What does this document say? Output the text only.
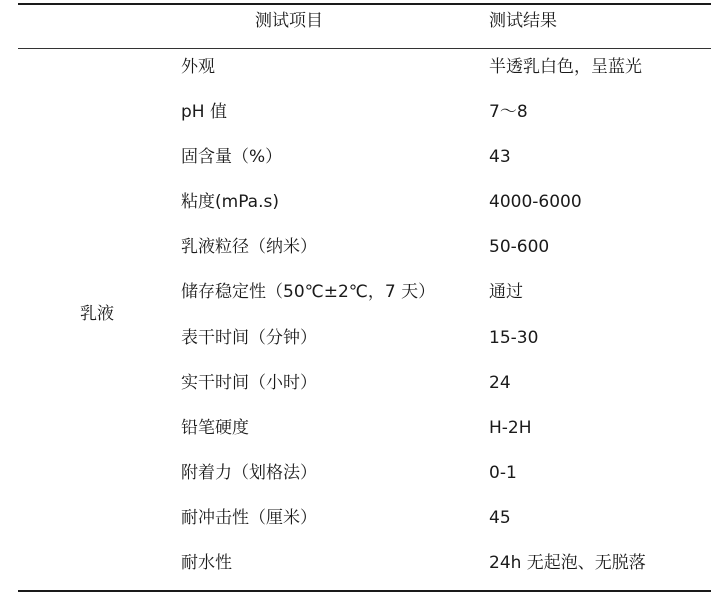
测试项目	测试结果
乳液
外观	半透乳白色，呈蓝光
pH 值	7～8
固含量（%）	43
粘度(mPa.s)	4000-6000
乳液粒径（纳米）	50-600
储存稳定性（50℃±2℃，7 天）	通过
表干时间（分钟）	15-30
实干时间（小时）	24
铅笔硬度	H-2H
附着力（划格法）	0-1
耐冲击性（厘米）	45
耐水性	24h 无起泡、无脱落
